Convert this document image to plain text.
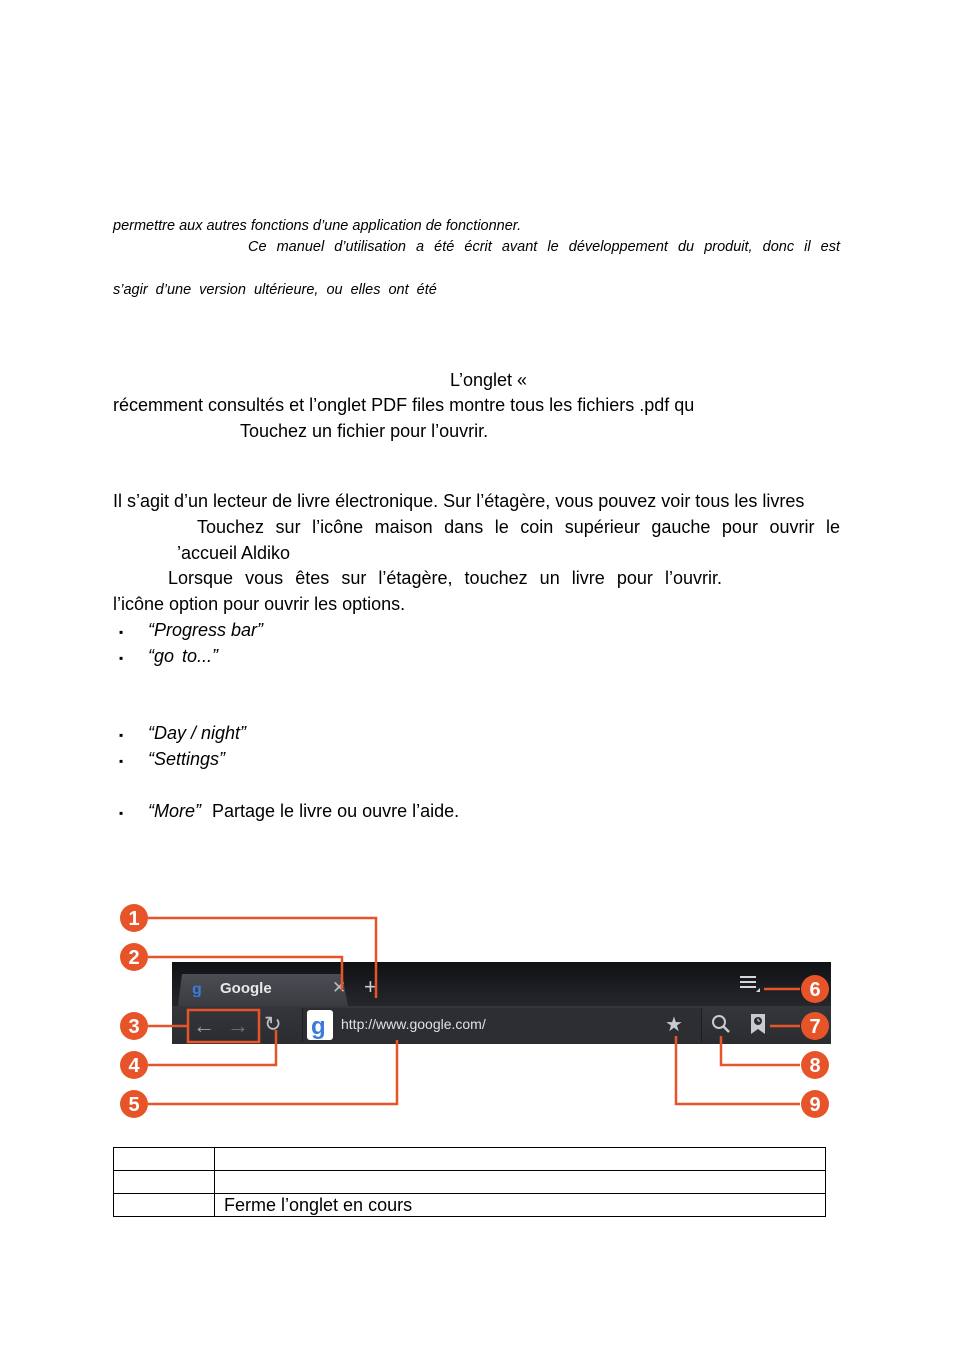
permettre aux autres fonctions d’une application de fonctionner.
Ce manuel d’utilisation a été écrit avant le développement du produit, donc il est
s’agir d’une version ultérieure, ou elles ont été
L’onglet «
récemment consultés et l’onglet PDF files montre tous les fichiers .pdf qu
Touchez un fichier pour l’ouvrir.
Il s’agit d’un lecteur de livre électronique. Sur l’étagère, vous pouvez voir tous les livres
Touchez sur l’icône maison dans le coin supérieur gauche pour ouvrir le
’accueil Aldiko
Lorsque vous êtes sur l’étagère, touchez un livre pour l’ouvrir.
l’icône option pour ouvrir les options.
▪ “Progress bar”
▪ “go to...”
▪ “Day / night”
▪ “Settings”
▪ “More” Partage le livre ou ouvre l’aide.
g Google	✕ +
← → ↻ g http://www.google.com/	★
1
2
3
4
5
6
7
8
9

	Ferme l’onglet en cours
